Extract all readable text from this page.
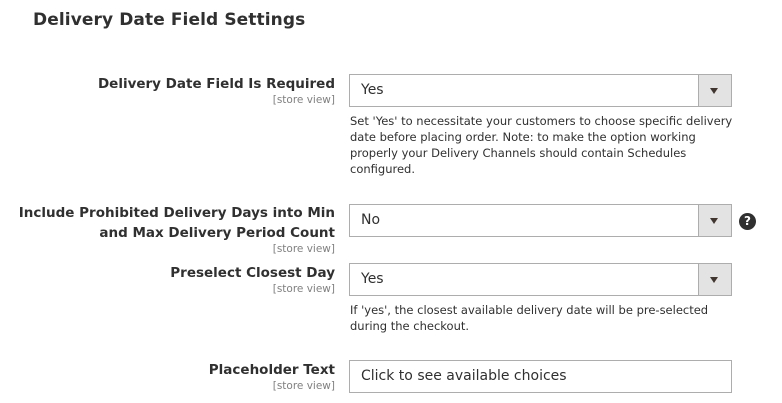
Delivery Date Field Settings
Delivery Date Field Is Required
[store view]
Yes
Set 'Yes' to necessitate your customers to choose specific delivery date before placing order. Note: to make the option working properly your Delivery Channels should contain Schedules configured.
Include Prohibited Delivery Days into Min
and Max Delivery Period Count
[store view]
No	?
Preselect Closest Day
[store view]
Yes
If 'yes', the closest available delivery date will be pre-selected during the checkout.
Placeholder Text
[store view]
Click to see available choices
